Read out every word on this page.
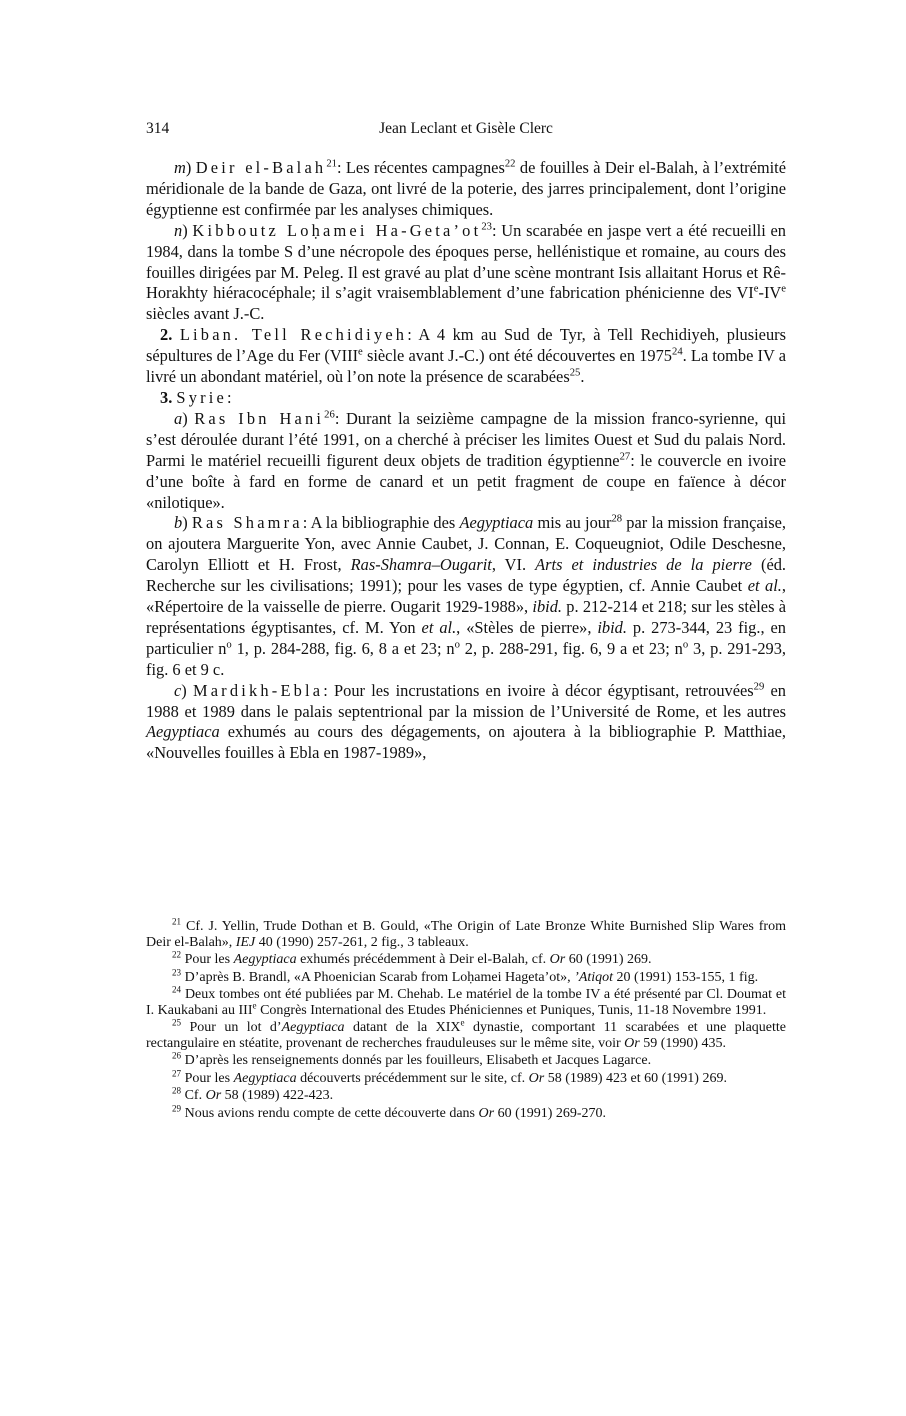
314	Jean Leclant et Gisèle Clerc

m) Deir el-Balah$^{21}$: Les récentes campagnes$^{22}$ de fouilles à Deir el-Balah, à l’extrémité méridionale de la bande de Gaza, ont livré de la poterie, des jarres principalement, dont l’origine égyptienne est confirmée par les analyses chimiques.

n) Kibboutz Loḥamei $Ha-Geta’ot^{23}$: Un scarabée en jaspe vert a été recueilli en 1984, dans la tombe S d’une nécropole des époques perse, hellénistique et romaine, au cours des fouilles dirigées par M. Peleg. Il est gravé au plat d’une scène montrant Isis allaitant Horus et Rê-Horakhty hiéracocéphale; il s’agit vraisemblablement d’une fabrication phénicienne des VIe-IVe siècles avant J.-C.

2. Liban. Tell Rechidiyeh: A 4 km au Sud de Tyr, à Tell Rechidiyeh, plusieurs sépultures de l’Age du Fer (VIIIe siècle avant J.-C.) ont été découvertes en 1975$^{24}$. La tombe IV a livré un abondant matériel, où l’on note la présence de scarabées$^{25}$.

3. Syrie:

a) Ras Ibn Hani$^{26}$: Durant la seizième campagne de la mission franco-syrienne, qui s’est déroulée durant l’été 1991, on a cherché à préciser les limites Ouest et Sud du palais Nord. Parmi le matériel recueilli figurent deux objets de tradition égyptienne$^{27}$: le couvercle en ivoire d’une boîte à fard en forme de canard et un petit fragment de coupe en faïence à décor «nilotique».

b) Ras Shamra: A la bibliographie des Aegyptiaca mis au jour$^{28}$ par la mission française, on ajoutera Marguerite Yon, avec Annie Caubet, J. Connan, E. Coqueugniot, Odile Deschesne, Carolyn Elliott et H. Frost, Ras-Shamra–Ougarit, VI. Arts et industries de la pierre (éd. Recherche sur les civilisations; 1991); pour les vases de type égyptien, cf. Annie Caubet et al., «Répertoire de la vaisselle de pierre. Ougarit 1929-1988», ibid. p. 212-214 et 218; sur les stèles à représentations égyptisantes, cf. M. Yon et al., «Stèles de pierre», ibid. p. 273-344, 23 fig., en particulier $n^o$ 1, p. 284-288, fig. 6, 8 a et 23; $n^o$ 2, p. 288-291, fig. 6, 9 a et 23; $n^o$ 3, p. 291-293, fig. 6 et 9 c.

c) Mardikh-Ebla: Pour les incrustations en ivoire à décor égyptisant, retrouvées$^{29}$ en 1988 et 1989 dans le palais septentrional par la mission de l’Université de Rome, et les autres Aegyptiaca exhumés au cours des dégagements, on ajoutera à la bibliographie P. Matthiae, «Nouvelles fouilles à Ebla en 1987-1989»,

$^{21}$ Cf. J. Yellin, Trude Dothan et B. Gould, «The Origin of Late Bronze White Burnished Slip Wares from Deir el-Balah», IEJ 40 (1990) 257-261, 2 fig., 3 tableaux.

$^{22}$ Pour les Aegyptiaca exhumés précédemment à Deir el-Balah, cf. Or 60 (1991) 269.

$^{23}$ D’après B. Brandl, «A Phoenician Scarab from Loḥamei Hageta’ot», ’Atiqot 20 (1991) 153-155, 1 fig.

$^{24}$ Deux tombes ont été publiées par M. Chehab. Le matériel de la tombe IV a été présenté par Cl. Doumat et I. Kaukabani au IIIe Congrès International des Etudes Phéniciennes et Puniques, Tunis, 11-18 Novembre 1991.

$^{25}$ Pour un lot d’Aegyptiaca datant de la XIXe dynastie, comportant 11 scarabées et une plaquette rectangulaire en stéatite, provenant de recherches frauduleuses sur le même site, voir Or 59 (1990) 435.

$^{26}$ D’après les renseignements donnés par les fouilleurs, Elisabeth et Jacques Lagarce.

$^{27}$ Pour les Aegyptiaca découverts précédemment sur le site, cf. Or 58 (1989) 423 et 60 (1991) 269.

$^{28}$ Cf. Or 58 (1989) 422-423.

$^{29}$ Nous avions rendu compte de cette découverte dans Or 60 (1991) 269-270.
